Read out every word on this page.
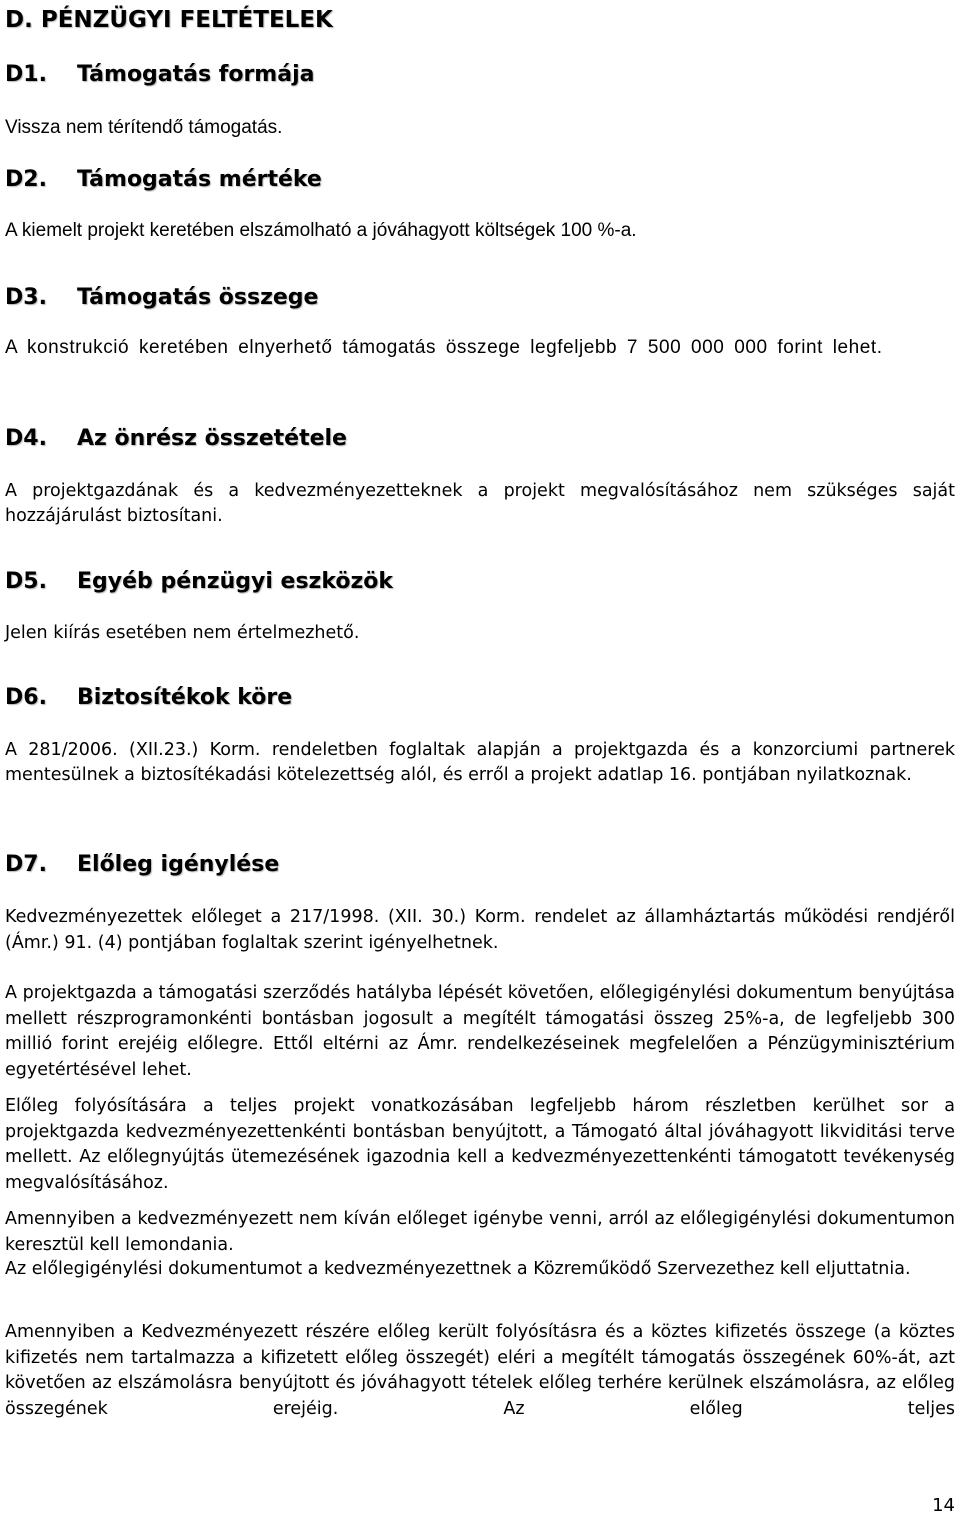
D. PÉNZÜGYI FELTÉTELEK
D1. Támogatás formája

Vissza nem térítendő támogatás.

D2. Támogatás mértéke

A kiemelt projekt keretében elszámolható a jóváhagyott költségek 100 %-a.

D3. Támogatás összege

A konstrukció keretében elnyerhető támogatás összege legfeljebb 7 500 000 000 forint lehet.

D4. Az önrész összetétele

A projektgazdának és a kedvezményezetteknek a projekt megvalósításához nem szükséges saját hozzájárulást biztosítani.

D5. Egyéb pénzügyi eszközök

Jelen kiírás esetében nem értelmezhető.

D6. Biztosítékok köre

A 281/2006. (XII.23.) Korm. rendeletben foglaltak alapján a projektgazda és a konzorciumi partnerek mentesülnek a biztosítékadási kötelezettség alól, és erről a projekt adatlap 16. pontjában nyilatkoznak.

D7. Előleg igénylése

Kedvezményezettek előleget a 217/1998. (XII. 30.) Korm. rendelet az államháztartás működési rendjéről (Ámr.) 91. (4) pontjában foglaltak szerint igényelhetnek.

A projektgazda a támogatási szerződés hatályba lépését követően, előlegigénylési dokumentum benyújtása mellett részprogramonkénti bontásban jogosult a megítélt támogatási összeg 25%-a, de legfeljebb 300 millió forint erejéig előlegre. Ettől eltérni az Ámr. rendelkezéseinek megfelelően a Pénzügyminisztérium egyetértésével lehet.

Előleg folyósítására a teljes projekt vonatkozásában legfeljebb három részletben kerülhet sor a projektgazda kedvezményezettenkénti bontásban benyújtott, a Támogató által jóváhagyott likviditási terve mellett. Az előlegnyújtás ütemezésének igazodnia kell a kedvezményezettenkénti támogatott tevékenység megvalósításához.

Amennyiben a kedvezményezett nem kíván előleget igénybe venni, arról az előlegigénylési dokumentumon keresztül kell lemondania.

Az előlegigénylési dokumentumot a kedvezményezettnek a Közreműködő Szervezethez kell eljuttatnia.

Amennyiben a Kedvezményezett részére előleg került folyósításra és a köztes kifizetés összege (a köztes kifizetés nem tartalmazza a kifizetett előleg összegét) eléri a megítélt támogatás összegének 60%-át, azt követően az elszámolásra benyújtott és jóváhagyott tételek előleg terhére kerülnek elszámolásra, az előleg összegének erejéig. Az előleg teljes

14
